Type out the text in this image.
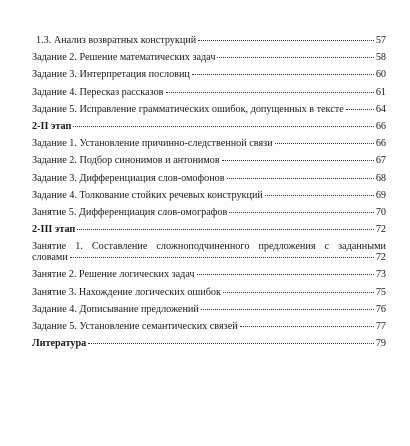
1.3. Анализ возвратных конструкций	57
Задание 2. Решение математических задач	58
Задание 3. Интерпретация пословиц	60
Задание 4. Пересказ рассказов	61
Задание 5. Исправление грамматических ошибок, допущенных в тексте	64
2-II этап	66
Задание 1. Установление причинно-следственной связи	66
Задание 2. Подбор синонимов и антонимов	67
Задание 3. Дифференциация слов-омофонов	68
Задание 4. Толкование стойких речевых конструкций	69
Занятие 5. Дифференциация слов-омографов	70
2-III этап	72
Занятие 1. Составление сложноподчиненного предложения с заданными
словами	72
Занятие 2. Решение логических задач	73
Занятие 3. Нахождение логических ошибок	75
Задание 4. Дописывание предложений	76
Задание 5. Установление семантических связей	77
Литература	79
